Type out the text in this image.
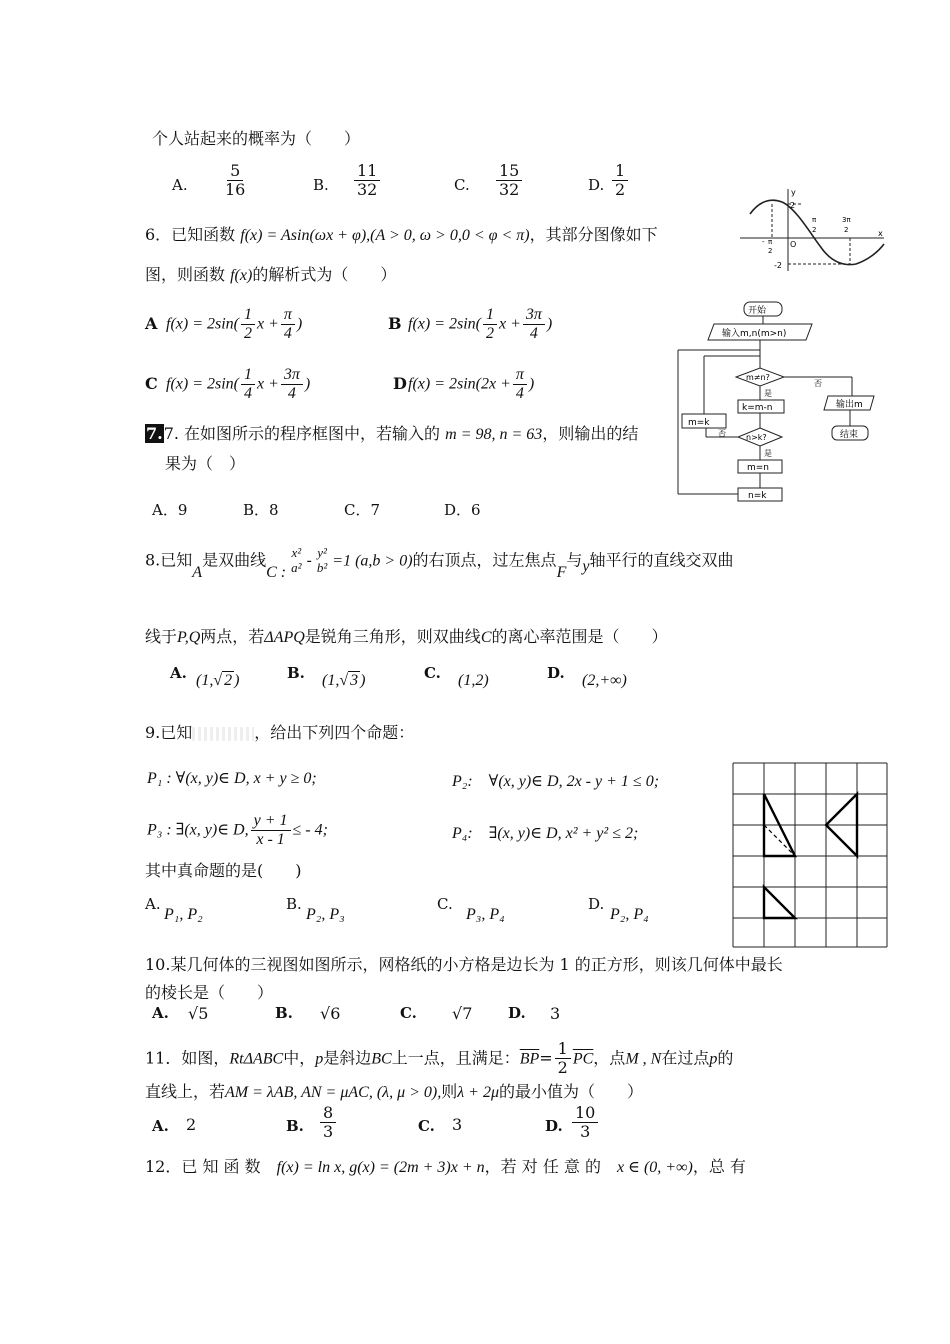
个人站起来的概率为（　　）
A. $\frac{5}{16}$	B. $\frac{11}{32}$	C. $\frac{15}{32}$	D. $\frac{1}{2}$
6．已知函数 f(x) = Asin(ωx + φ),(A > 0, ω > 0,0 < φ < π)，其部分图像如下
图，则函数 f(x)的解析式为（　　）
y
x
2
-2
O
π
2
3π
2
- π
2
A $f(x) = 2\sin( \frac{1}{2}$ $x + \frac{\pi}{4}$ )	B $f(x) = 2\sin( \frac{1}{2}$ $x + \frac{3\pi}{4}$ )
C $f(x) = 2\sin( \frac{1}{4}$ $x + \frac{3\pi}{4}$ )	D $f(x) = 2\sin(2x + \frac{\pi}{4}$ )
开始
输入m,n(m>n)
m≠n?
否
是
k=m-n
n>k?
否
是
m=k
m=n
n=k
输出m
结束
7.7. 在如图所示的程序框图中，若输入的 m = 98, n = 63，则输出的结
果为（　）
A．9	B．8	C．7	D．6
8.已知A是双曲线C :
x²
a² - y²
b² =1 (a,b > 0)的右顶点，过左焦点F与y轴平行的直线交双曲
线于P,Q两点，若ΔAPQ是锐角三角形，则双曲线C的离心率范围是（　　）
A. (1,√ 2 )	B. (1,√ 3 )	C. (1,2)	D. (2,+∞)
9.已知	，给出下列四个命题：
P₁ : ∀(x, y)∈ D, x + y ≥ 0;	P₂:　∀(x, y)∈ D, 2x - y + 1 ≤ 0;
P₃ : ∃(x, y)∈ D, $\frac{y + 1}{x - 1}$ ≤ - 4;	P₄:　∃(x, y)∈ D, x² + y² ≤ 2;
其中真命题的是(　　)
A.
P₁, P₂
B.
P₂, P₃
C.
P₃, P₄
D.
P₂, P₄
10.某几何体的三视图如图所示，网格纸的小方格是边长为 1 的正方形，则该几何体中最长
的棱长是（　　）
A. √5	B. √6	C. √7 D. 3
11．如图，RtΔABC中，p是斜边BC上一点，且满足：$\overline{BP}= \frac{1}{2} \overline{PC}$，点M , N在过点p的
直线上，若AM = λAB, AN = μAC, (λ, μ > 0),则λ + 2μ的最小值为（　　）
A. 2	B. $\frac{8}{3}$	C. 3	D. $\frac{10}{3}$
12．已 知 函 数　 f(x) = ln x, g(x) = (2m + 3)x + n，若 对 任 意 的　 x ∈ (0, +∞)，总 有
